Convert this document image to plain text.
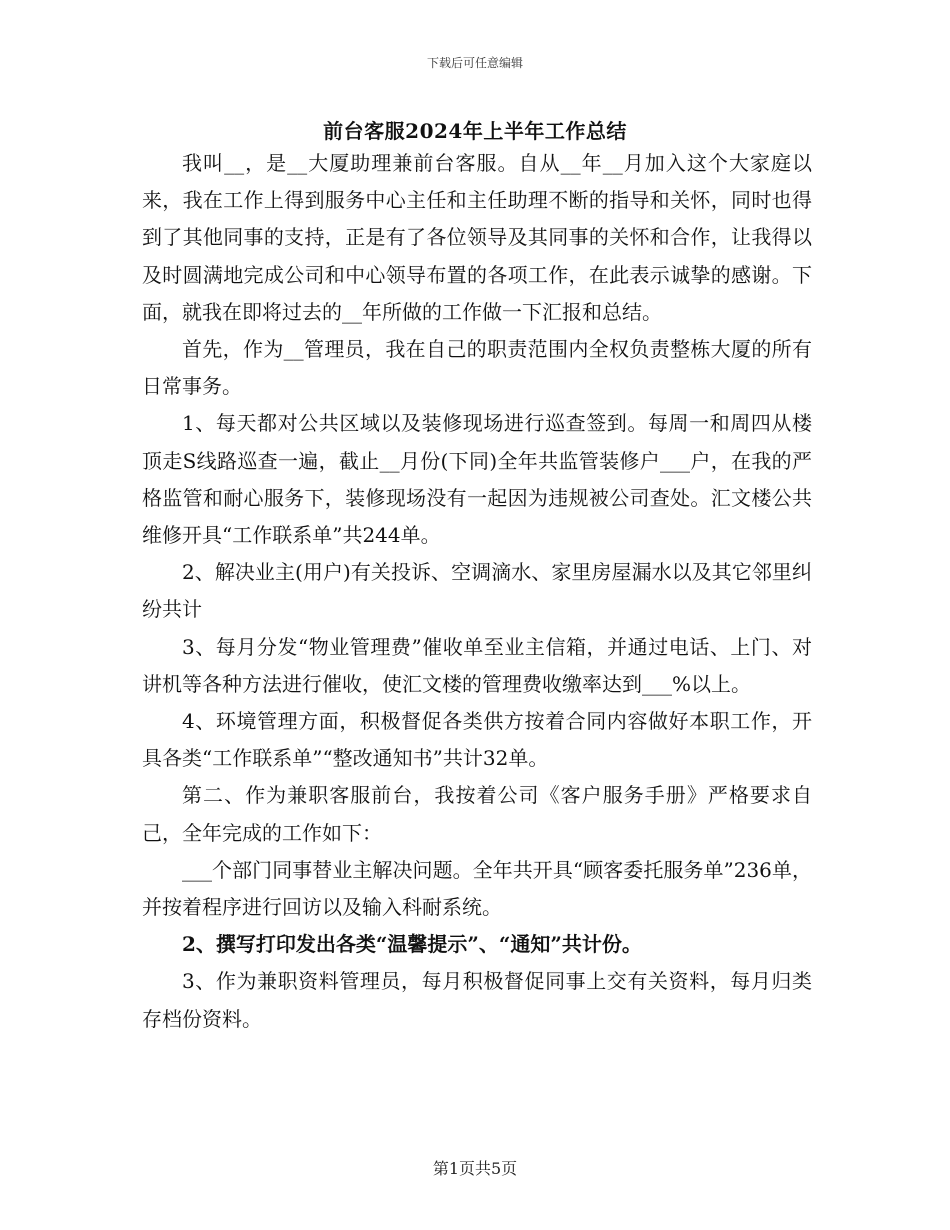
下载后可任意编辑
前台客服2024年上半年工作总结

我叫__，是__大厦助理兼前台客服。自从__年__月加入这个大家庭以来，我在工作上得到服务中心主任和主任助理不断的指导和关怀，同时也得到了其他同事的支持，正是有了各位领导及其同事的关怀和合作，让我得以及时圆满地完成公司和中心领导布置的各项工作，在此表示诚挚的感谢。下面，就我在即将过去的__年所做的工作做一下汇报和总结。

首先，作为__管理员，我在自己的职责范围内全权负责整栋大厦的所有日常事务。

1、每天都对公共区域以及装修现场进行巡查签到。每周一和周四从楼顶走S线路巡查一遍，截止__月份(下同)全年共监管装修户___户，在我的严格监管和耐心服务下，装修现场没有一起因为违规被公司查处。汇文楼公共维修开具“工作联系单”共244单。

2、解决业主(用户)有关投诉、空调滴水、家里房屋漏水以及其它邻里纠纷共计

3、每月分发“物业管理费”催收单至业主信箱，并通过电话、上门、对讲机等各种方法进行催收，使汇文楼的管理费收缴率达到___%以上。

4、环境管理方面，积极督促各类供方按着合同内容做好本职工作，开具各类“工作联系单”“整改通知书”共计32单。

第二、作为兼职客服前台，我按着公司《客户服务手册》严格要求自己，全年完成的工作如下：

___个部门同事替业主解决问题。全年共开具“顾客委托服务单”236单，并按着程序进行回访以及输入科耐系统。

2、撰写打印发出各类“温馨提示”、“通知”共计份。

3、作为兼职资料管理员，每月积极督促同事上交有关资料，每月归类存档份资料。

第1页共5页
